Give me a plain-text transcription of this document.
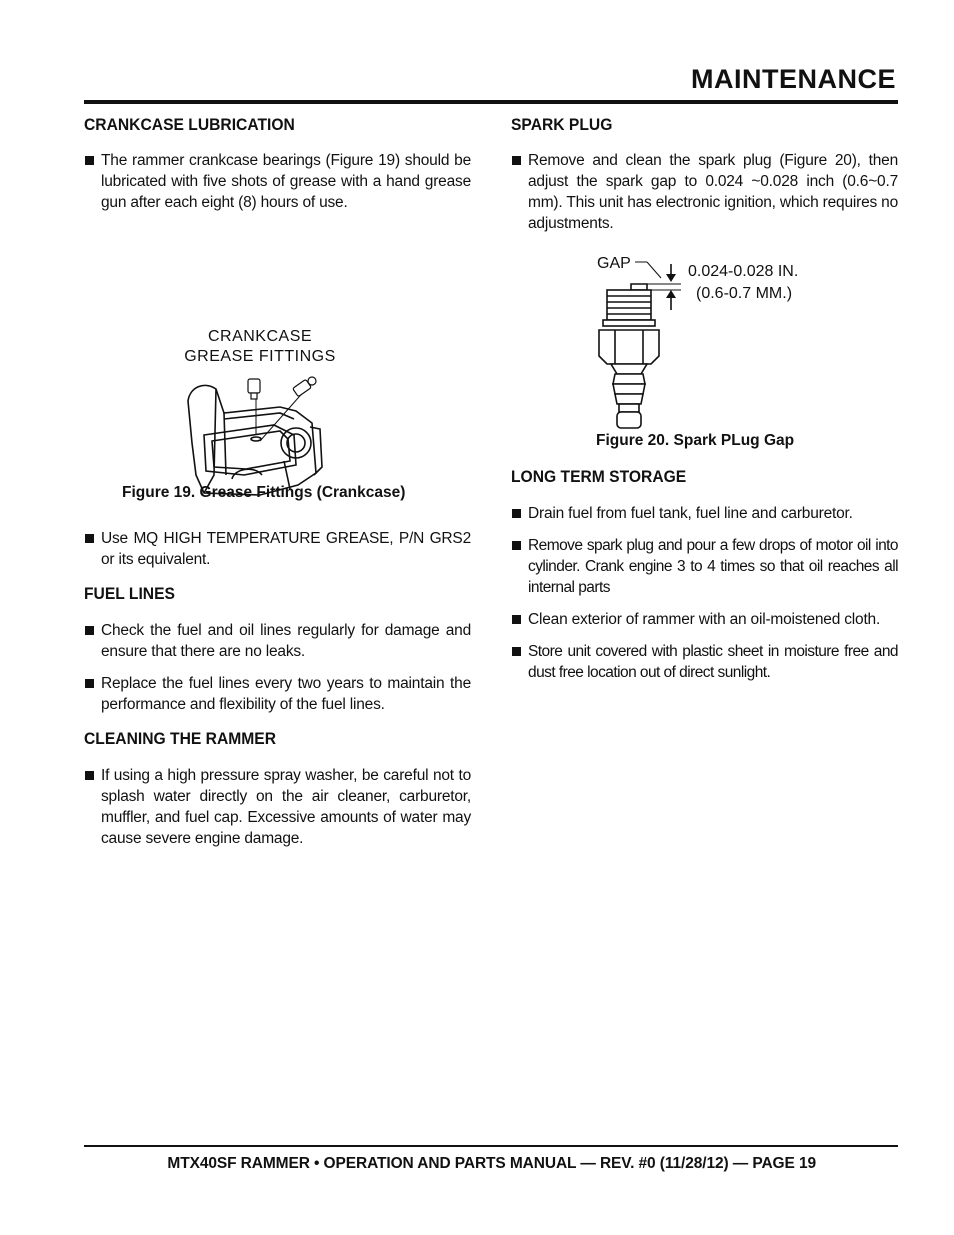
MAINTENANCE
CRANKCASE LUBRICATION
The rammer crankcase bearings (Figure 19) should be lubricated with five shots of grease with a hand grease gun after each eight (8) hours of use.
CRANKCASE
GREASE FITTINGS
Figure 19. Grease Fittings (Crankcase)
Use MQ HIGH TEMPERATURE GREASE, P/N GRS2 or its equivalent.
FUEL LINES
Check the fuel and oil lines regularly for damage and ensure that there are no leaks.
Replace the fuel lines every two years to maintain the performance and flexibility of the fuel lines.
CLEANING THE RAMMER
If using a high pressure spray washer, be careful not to splash water directly on the air cleaner, carburetor, muffler, and fuel cap. Excessive amounts of water may cause severe engine damage.
SPARK PLUG
Remove and clean the spark plug (Figure 20), then adjust the spark gap to 0.024 ~0.028 inch (0.6~0.7 mm). This unit has electronic ignition, which requires no adjustments.
GAP	0.024-0.028 IN.
(0.6-0.7 MM.)
Figure 20. Spark PLug Gap
LONG TERM STORAGE
Drain fuel from fuel tank, fuel line and carburetor.
Remove spark plug and pour a few drops of motor oil into cylinder. Crank engine 3 to 4 times so that oil reaches all internal parts
Clean exterior of rammer with an oil-moistened cloth.
Store unit covered with plastic sheet in moisture free and dust free location out of direct sunlight.
MTX40SF RAMMER • OPERATION AND PARTS MANUAL — REV. #0 (11/28/12) — PAGE 19
